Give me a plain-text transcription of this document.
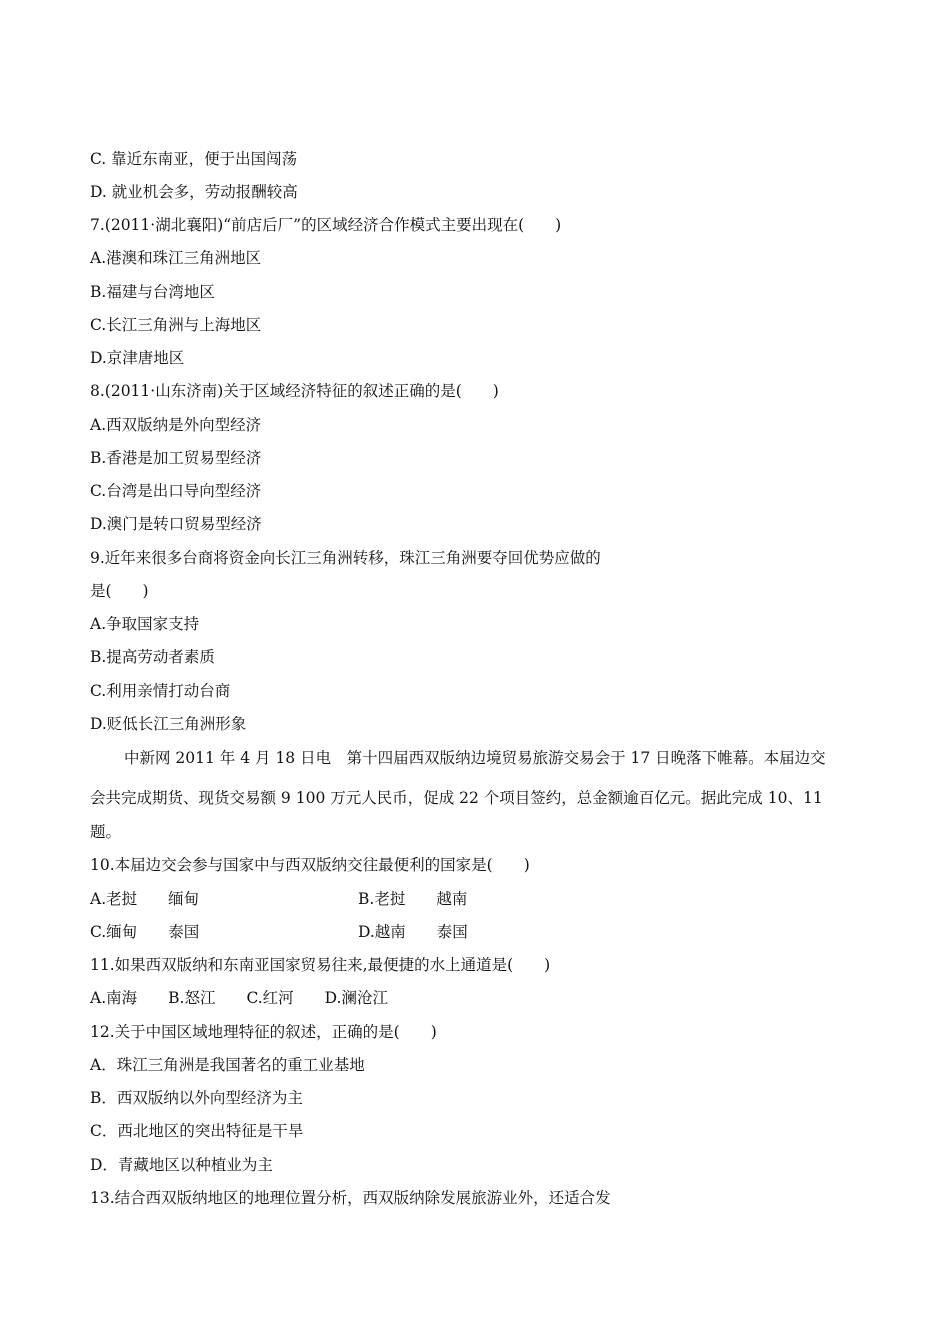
C. 靠近东南亚，便于出国闯荡
D. 就业机会多，劳动报酬较高
7.(2011·湖北襄阳)“前店后厂”的区域经济合作模式主要出现在(　　)
A.港澳和珠江三角洲地区
B.福建与台湾地区
C.长江三角洲与上海地区
D.京津唐地区
8.(2011·山东济南)关于区域经济特征的叙述正确的是(　　)
A.西双版纳是外向型经济
B.香港是加工贸易型经济
C.台湾是出口导向型经济
D.澳门是转口贸易型经济
9.近年来很多台商将资金向长江三角洲转移，珠江三角洲要夺回优势应做的
是(　　)
A.争取国家支持
B.提高劳动者素质
C.利用亲情打动台商
D.贬低长江三角洲形象
中新网 2011 年 4 月 18 日电　第十四届西双版纳边境贸易旅游交易会于 17 日晚落下帷幕。本届边交
会共完成期货、现货交易额 9 100 万元人民币，促成 22 个项目签约，总金额逾百亿元。据此完成 10、11
题。
10.本届边交会参与国家中与西双版纳交往最便利的国家是(　　)
A.老挝　　缅甸	B.老挝　　越南
C.缅甸　　泰国	D.越南　　泰国
11.如果西双版纳和东南亚国家贸易往来,最便捷的水上通道是(　　)
A.南海　　B.怒江　　C.红河　　D.澜沧江
12.关于中国区域地理特征的叙述，正确的是(　　)
A．珠江三角洲是我国著名的重工业基地
B．西双版纳以外向型经济为主
C．西北地区的突出特征是干旱
D．青藏地区以种植业为主
13.结合西双版纳地区的地理位置分析，西双版纳除发展旅游业外，还适合发
